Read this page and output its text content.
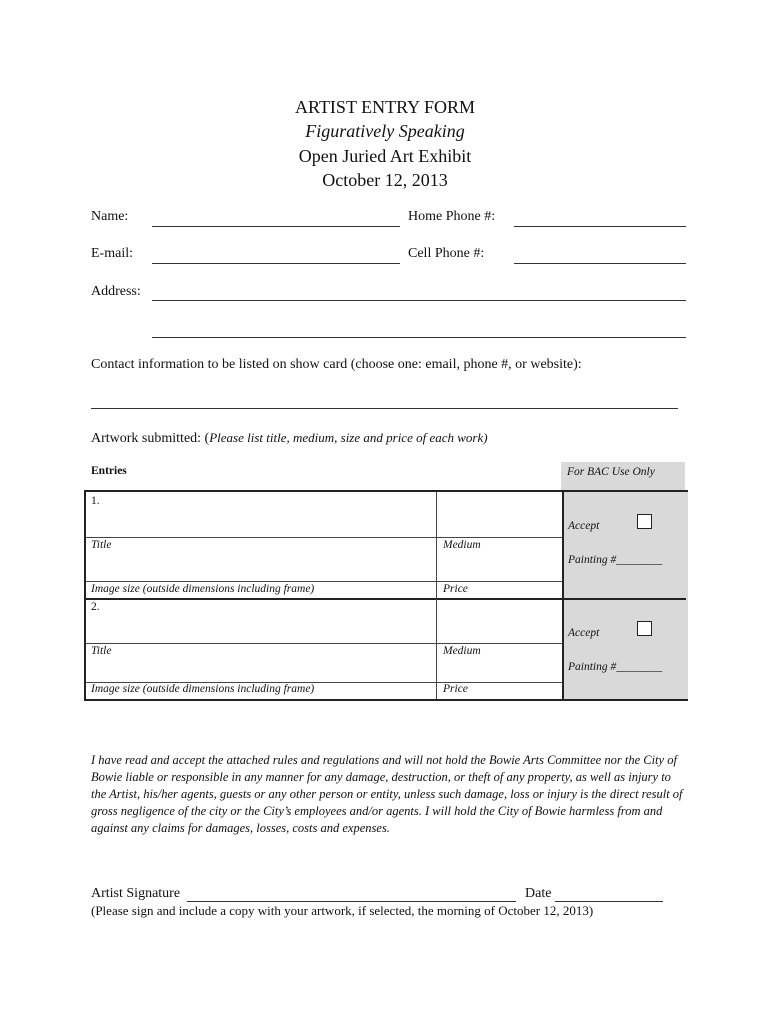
ARTIST ENTRY FORM
Figuratively Speaking
Open Juried Art Exhibit
October 12, 2013
Name:	Home Phone #:
E-mail:	Cell Phone #:
Address:
Contact information to be listed on show card (choose one: email, phone #, or website):
Artwork submitted: (Please list title, medium, size and price of each work)
Entries	For BAC Use Only
1.
Title	Medium
Image size (outside dimensions including frame)	Price
Accept
Painting #________
2.
Title	Medium
Image size (outside dimensions including frame)	Price
Accept
Painting #________
I have read and accept the attached rules and regulations and will not hold the Bowie Arts Committee nor the City of Bowie liable or responsible in any manner for any damage, destruction, or theft of any property, as well as injury to the Artist, his/her agents, guests or any other person or entity, unless such damage, loss or injury is the direct result of gross negligence of the city or the City’s employees and/or agents. I will hold the City of Bowie harmless from and against any claims for damages, losses, costs and expenses.
Artist Signature	Date
(Please sign and include a copy with your artwork, if selected, the morning of October 12, 2013)
